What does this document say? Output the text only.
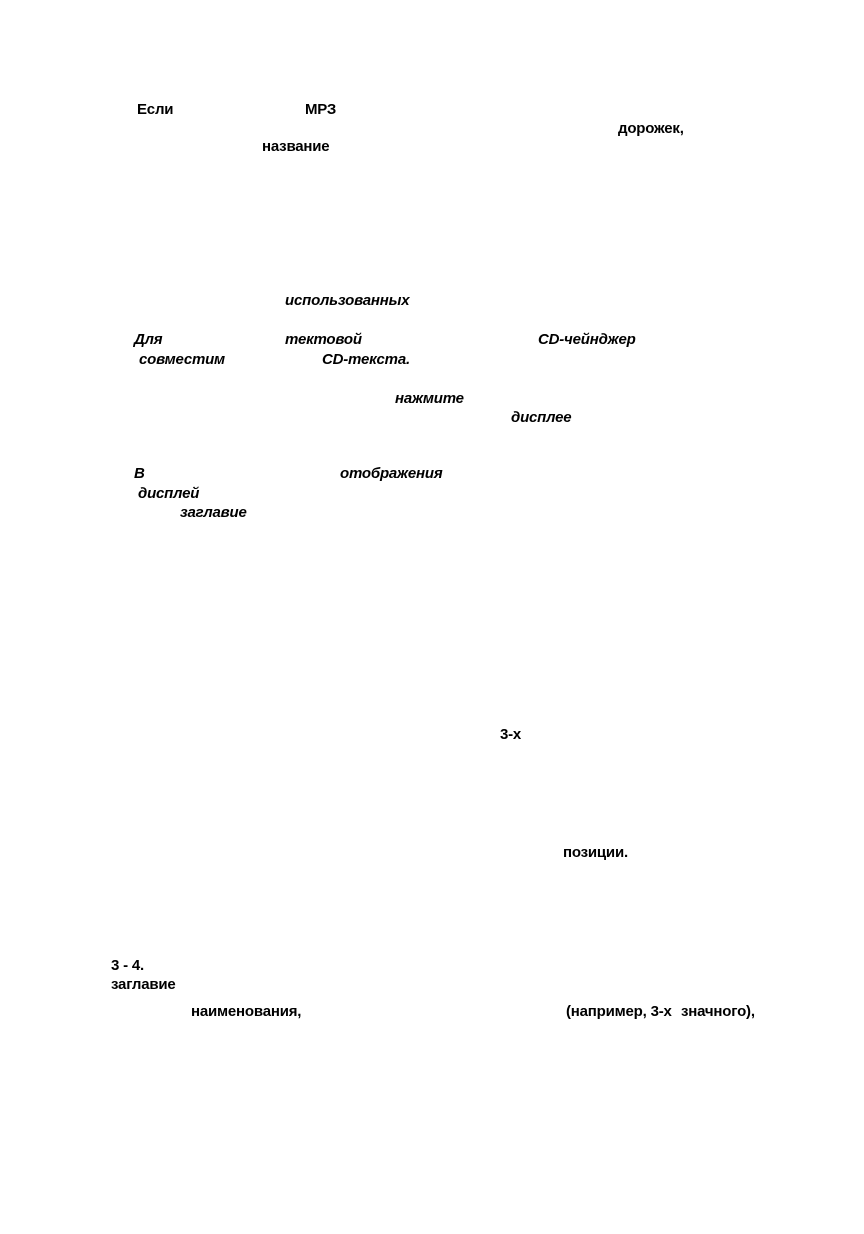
Если	МРЗ
дорожек,
название
использованных
Для	тектовой	CD-чейнджер
совместим	CD-текста.
нажмите
дисплее
В	отображения
дисплей
заглавие
3-х
позиции.
3 - 4.
заглавие
наименования,	(например, 3-х значного),
